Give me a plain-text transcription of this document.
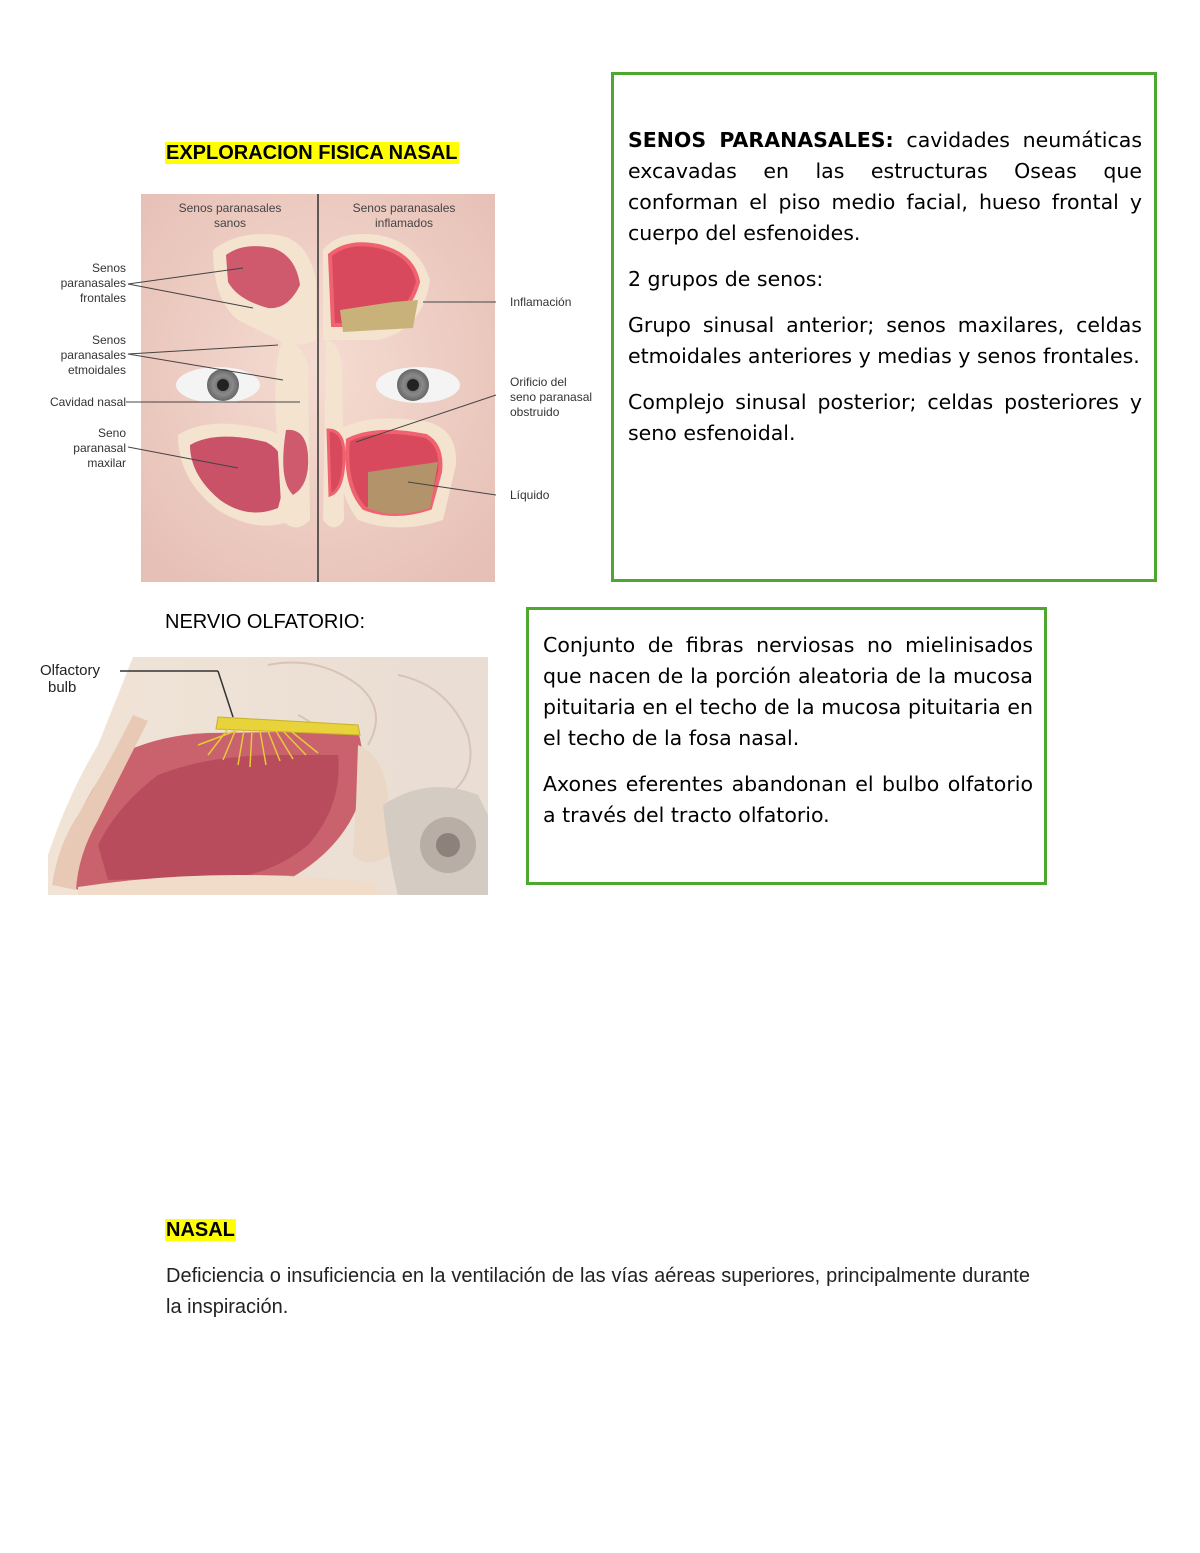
EXPLORACION FISICA NASAL
Senos paranasales
sanos
Senos paranasales
inflamados
Senos
paranasales
frontales
Senos
paranasales
etmoidales
Cavidad nasal
Seno
paranasal
maxilar
Inflamación
Orificio del
seno paranasal
obstruido
Líquido

SENOS PARANASALES: cavidades neumáticas excavadas en las estructuras Oseas que conforman el piso medio facial, hueso frontal y cuerpo del esfenoides.

2 grupos de senos:

Grupo sinusal anterior; senos maxilares, celdas etmoidales anteriores y medias y senos frontales.

Complejo sinusal posterior; celdas posteriores y seno esfenoidal.

NERVIO OLFATORIO:
Olfactory
bulb

Conjunto de fibras nerviosas no mielinisados que nacen de la porción aleatoria de la mucosa pituitaria en el techo de la mucosa pituitaria en el techo de la fosa nasal.

Axones eferentes abandonan el bulbo olfatorio a través del tracto olfatorio.

NASAL
Deficiencia o insuficiencia en la ventilación de las vías aéreas superiores, principalmente durante la inspiración.
